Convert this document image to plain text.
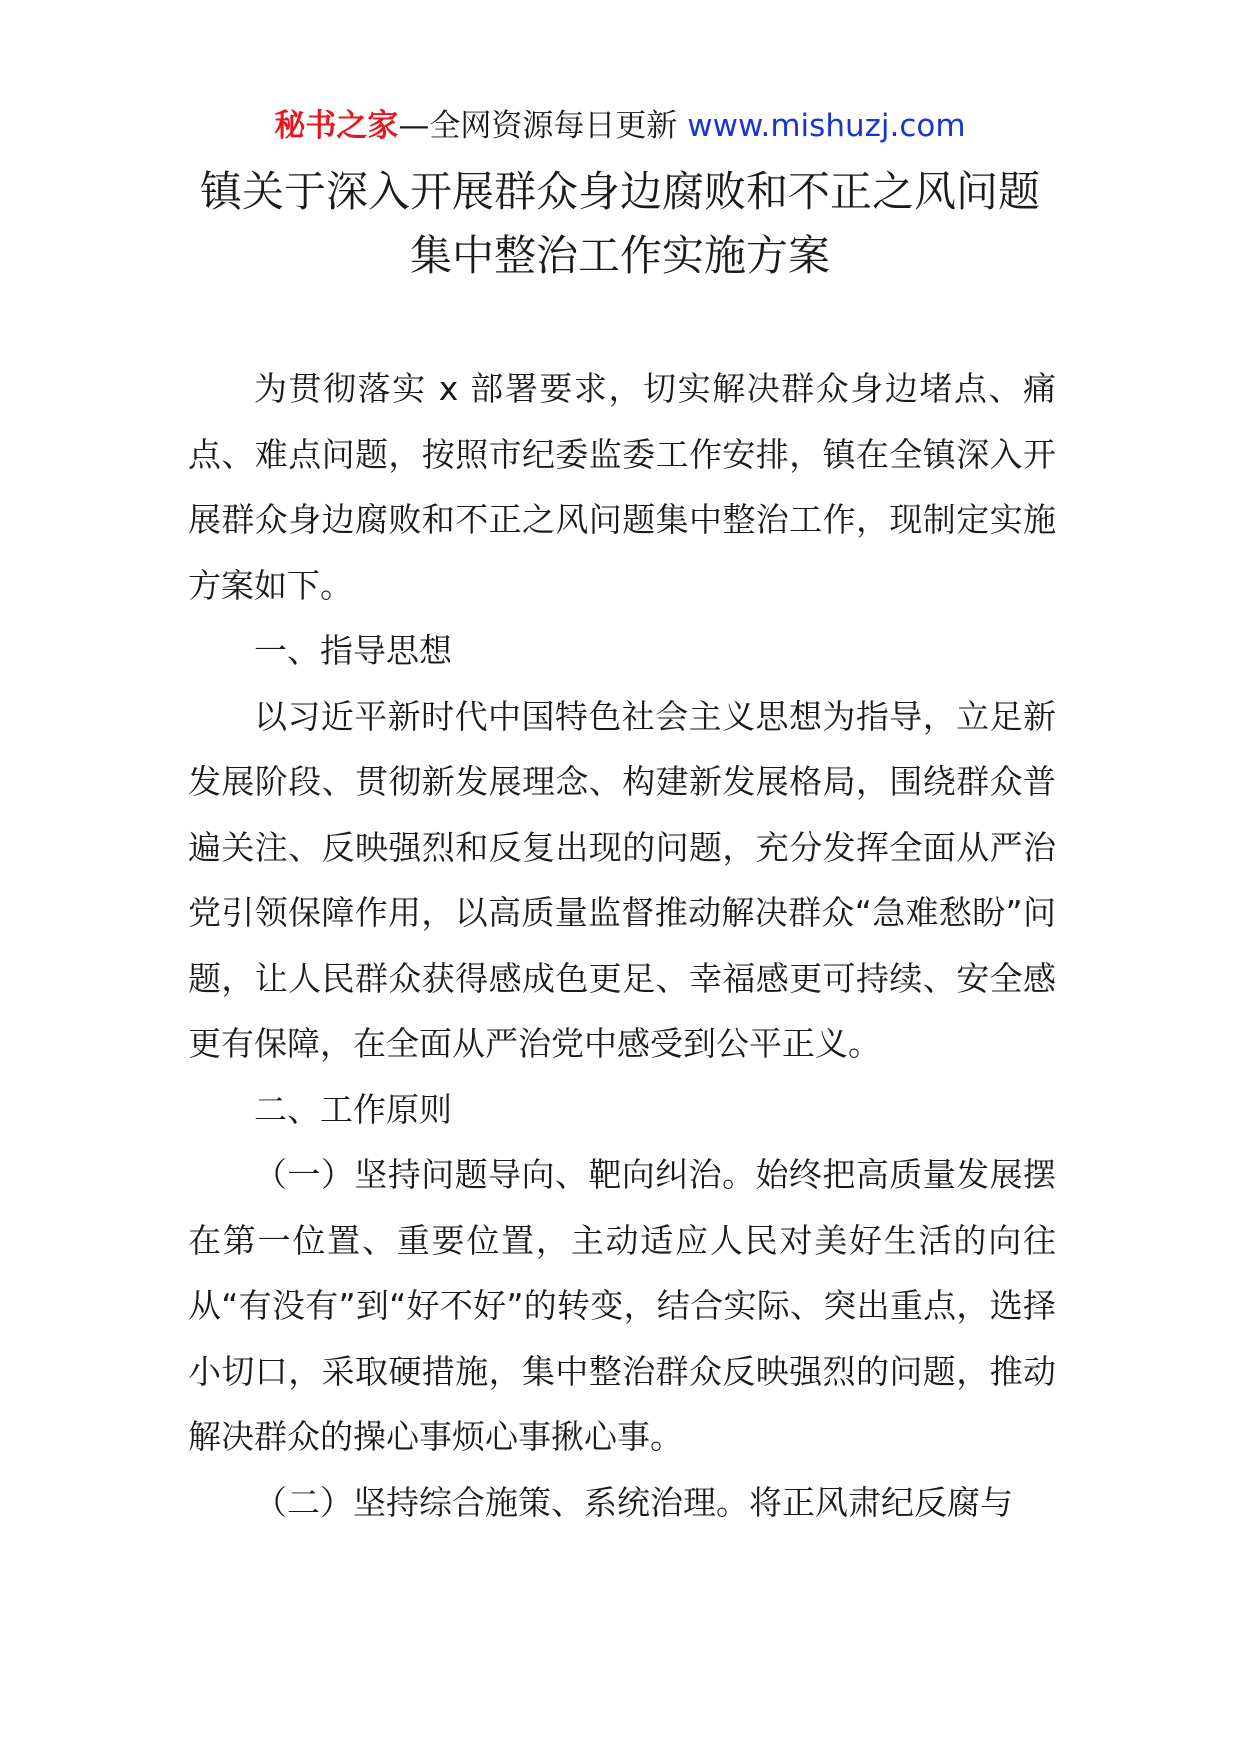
秘书之家—全网资源每日更新 www.mishuzj.com
镇关于深入开展群众身边腐败和不正之风问题
集中整治工作实施方案

为贯彻落实 x 部署要求，切实解决群众身边堵点、痛点、难点问题，按照市纪委监委工作安排，镇在全镇深入开展群众身边腐败和不正之风问题集中整治工作，现制定实施方案如下。

一、指导思想

以习近平新时代中国特色社会主义思想为指导，立足新发展阶段、贯彻新发展理念、构建新发展格局，围绕群众普遍关注、反映强烈和反复出现的问题，充分发挥全面从严治党引领保障作用，以高质量监督推动解决群众“急难愁盼”问题，让人民群众获得感成色更足、幸福感更可持续、安全感更有保障，在全面从严治党中感受到公平正义。

二、工作原则

（一）坚持问题导向、靶向纠治。始终把高质量发展摆在第一位置、重要位置，主动适应人民对美好生活的向往从“有没有”到“好不好”的转变，结合实际、突出重点，选择小切口，采取硬措施，集中整治群众反映强烈的问题，推动解决群众的操心事烦心事揪心事。

（二）坚持综合施策、系统治理。将正风肃纪反腐与
